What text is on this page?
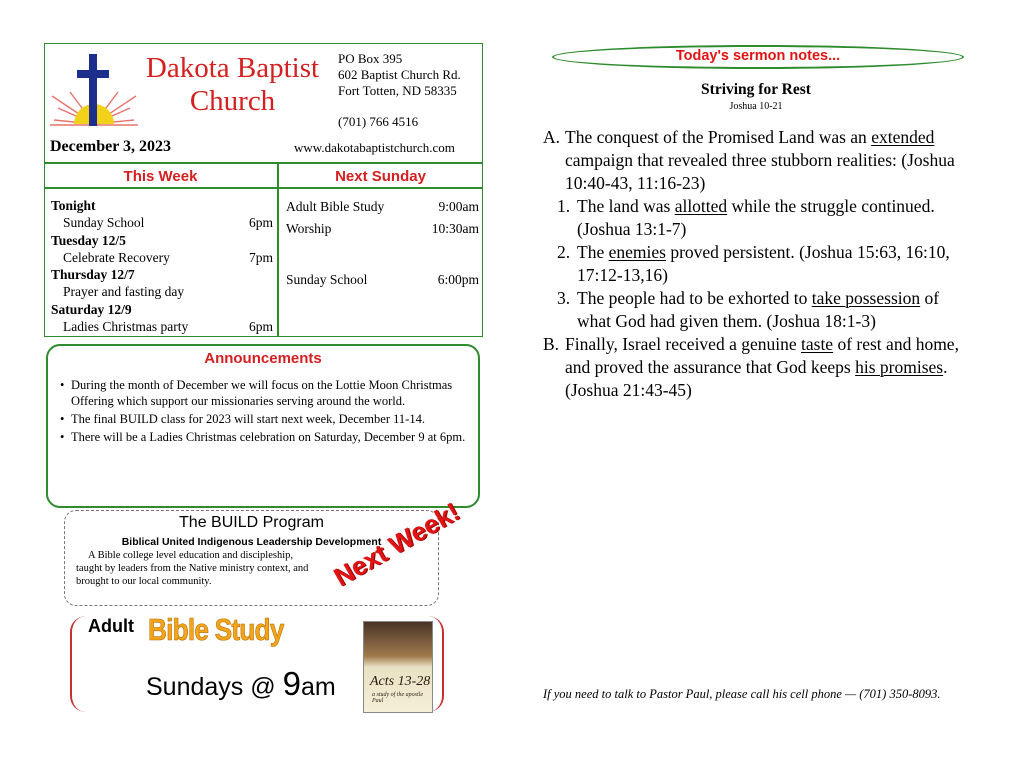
Dakota Baptist
Church
PO Box 395
602 Baptist Church Rd.
Fort Totten, ND 58335
(701) 766 4516
www.dakotabaptistchurch.com
December 3, 2023
This Week	Next Sunday
Tonight
Sunday School	6pm
Tuesday 12/5
Celebrate Recovery	7pm
Thursday 12/7
Prayer and fasting day
Saturday 12/9
Ladies Christmas party	6pm
Adult Bible Study	9:00am
Worship	10:30am
Sunday School	6:00pm
Announcements
• During the month of December we will focus on the Lottie Moon Christmas Offering which support our missionaries serving around the world.
• The final BUILD class for 2023 will start next week, December 11-14.
• There will be a Ladies Christmas celebration on Saturday, December 9 at 6pm.
The BUILD Program
Biblical United Indigenous Leadership Development
A Bible college level education and discipleship,
taught by leaders from the Native ministry context, and
brought to our local community.	Next Week!
Adult Bible Study
Sundays @ 9am Acts 13-28
a study of the apostle Paul
Today's sermon notes...
Striving for Rest
Joshua 10-21
A. The conquest of the Promised Land was an extended campaign that revealed three stubborn realities: (Joshua 10:40-43, 11:16-23)
1. The land was allotted while the struggle continued. (Joshua 13:1-7)
2. The enemies proved persistent. (Joshua 15:63, 16:10, 17:12-13,16)
3. The people had to be exhorted to take possession of what God had given them. (Joshua 18:1-3)
B. Finally, Israel received a genuine taste of rest and home, and proved the assurance that God keeps his promises. (Joshua 21:43-45)
If you need to talk to Pastor Paul, please call his cell phone — (701) 350-8093.
